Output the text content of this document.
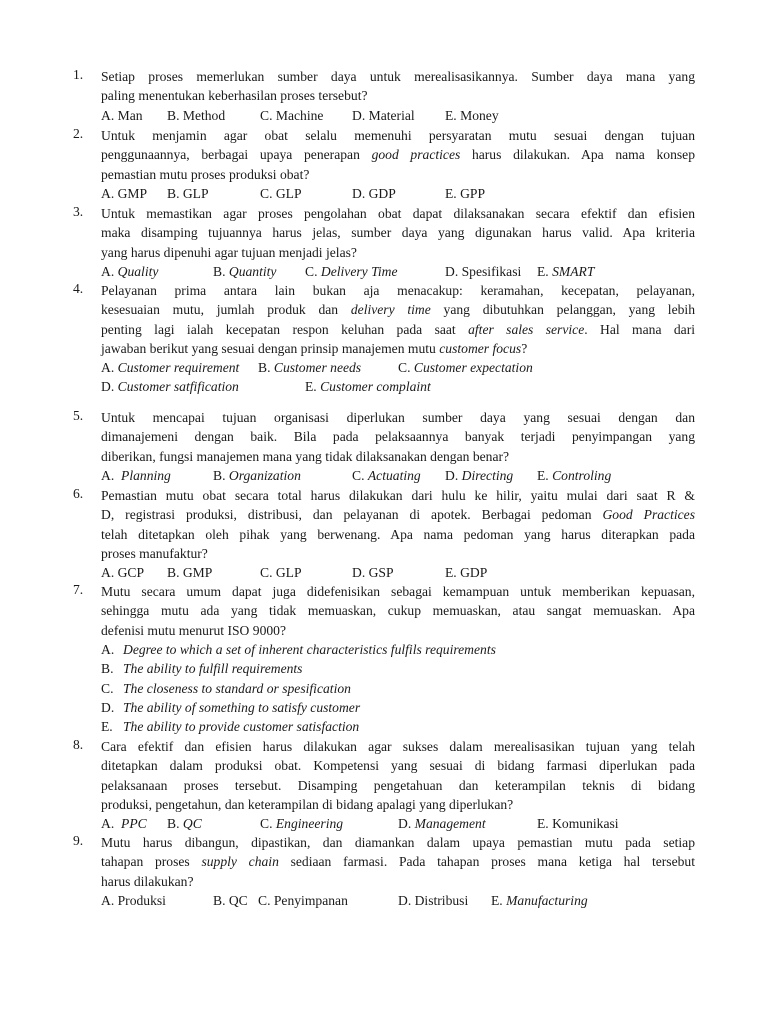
1. Setiap proses memerlukan sumber daya untuk merealisasikannya. Sumber daya mana yang
paling menentukan keberhasilan proses tersebut?
A. Man B. Method	C. Machine D. Material E. Money
2. Untuk menjamin agar obat selalu memenuhi persyaratan mutu sesuai dengan tujuan
penggunaannya, berbagai upaya penerapan good practices harus dilakukan. Apa nama konsep
pemastian mutu proses produksi obat?
A. GMP B. GLP	C. GLP	D. GDP	E. GPP
3. Untuk memastikan agar proses pengolahan obat dapat dilaksanakan secara efektif dan efisien
maka disamping tujuannya harus jelas, sumber daya yang digunakan harus valid. Apa kriteria
yang harus dipenuhi agar tujuan menjadi jelas?
A. Quality	B. Quantity C. Delivery Time	D. Spesifikasi E. SMART
4. Pelayanan prima antara lain bukan aja menacakup: keramahan, kecepatan, pelayanan,
kesesuaian mutu, jumlah produk dan delivery time yang dibutuhkan pelanggan, yang lebih
penting lagi ialah kecepatan respon keluhan pada saat after sales service. Hal mana dari
jawaban berikut yang sesuai dengan prinsip manajemen mutu customer focus?
A. Customer requirement B. Customer needs	C. Customer expectation
D. Customer satfification	E. Customer complaint
5. Untuk mencapai tujuan organisasi diperlukan sumber daya yang sesuai dengan dan
dimanajemeni dengan baik. Bila pada pelaksaannya banyak terjadi penyimpangan yang
diberikan, fungsi manajemen mana yang tidak dilaksanakan dengan benar?
A. Planning	B. Organization	C. Actuating D. Directing E. Controling
6. Pemastian mutu obat secara total harus dilakukan dari hulu ke hilir, yaitu mulai dari saat R &
D, registrasi produksi, distribusi, dan pelayanan di apotek. Berbagai pedoman Good Practices
telah ditetapkan oleh pihak yang berwenang. Apa nama pedoman yang harus diterapkan pada
proses manufaktur?
A. GCP B. GMP	C. GLP	D. GSP	E. GDP
7. Mutu secara umum dapat juga didefenisikan sebagai kemampuan untuk memberikan kepuasan,
sehingga mutu ada yang tidak memuaskan, cukup memuaskan, atau sangat memuaskan. Apa
defenisi mutu menurut ISO 9000?
A. Degree to which a set of inherent characteristics fulfils requirements
B. The ability to fulfill requirements
C. The closeness to standard or spesification
D. The ability of something to satisfy customer
E. The ability to provide customer satisfaction
8. Cara efektif dan efisien harus dilakukan agar sukses dalam merealisasikan tujuan yang telah
ditetapkan dalam produksi obat. Kompetensi yang sesuai di bidang farmasi diperlukan pada
pelaksanaan proses tersebut. Disamping pengetahuan dan keterampilan teknis di bidang
produksi, pengetahun, dan keterampilan di bidang apalagi yang diperlukan?
A. PPC B. QC	C. Engineering	D. Management	E. Komunikasi
9. Mutu harus dibangun, dipastikan, dan diamankan dalam upaya pemastian mutu pada setiap
tahapan proses supply chain sediaan farmasi. Pada tahapan proses mana ketiga hal tersebut
harus dilakukan?
A. Produksi	B. QC C. Penyimpanan	D. Distribusi E. Manufacturing
